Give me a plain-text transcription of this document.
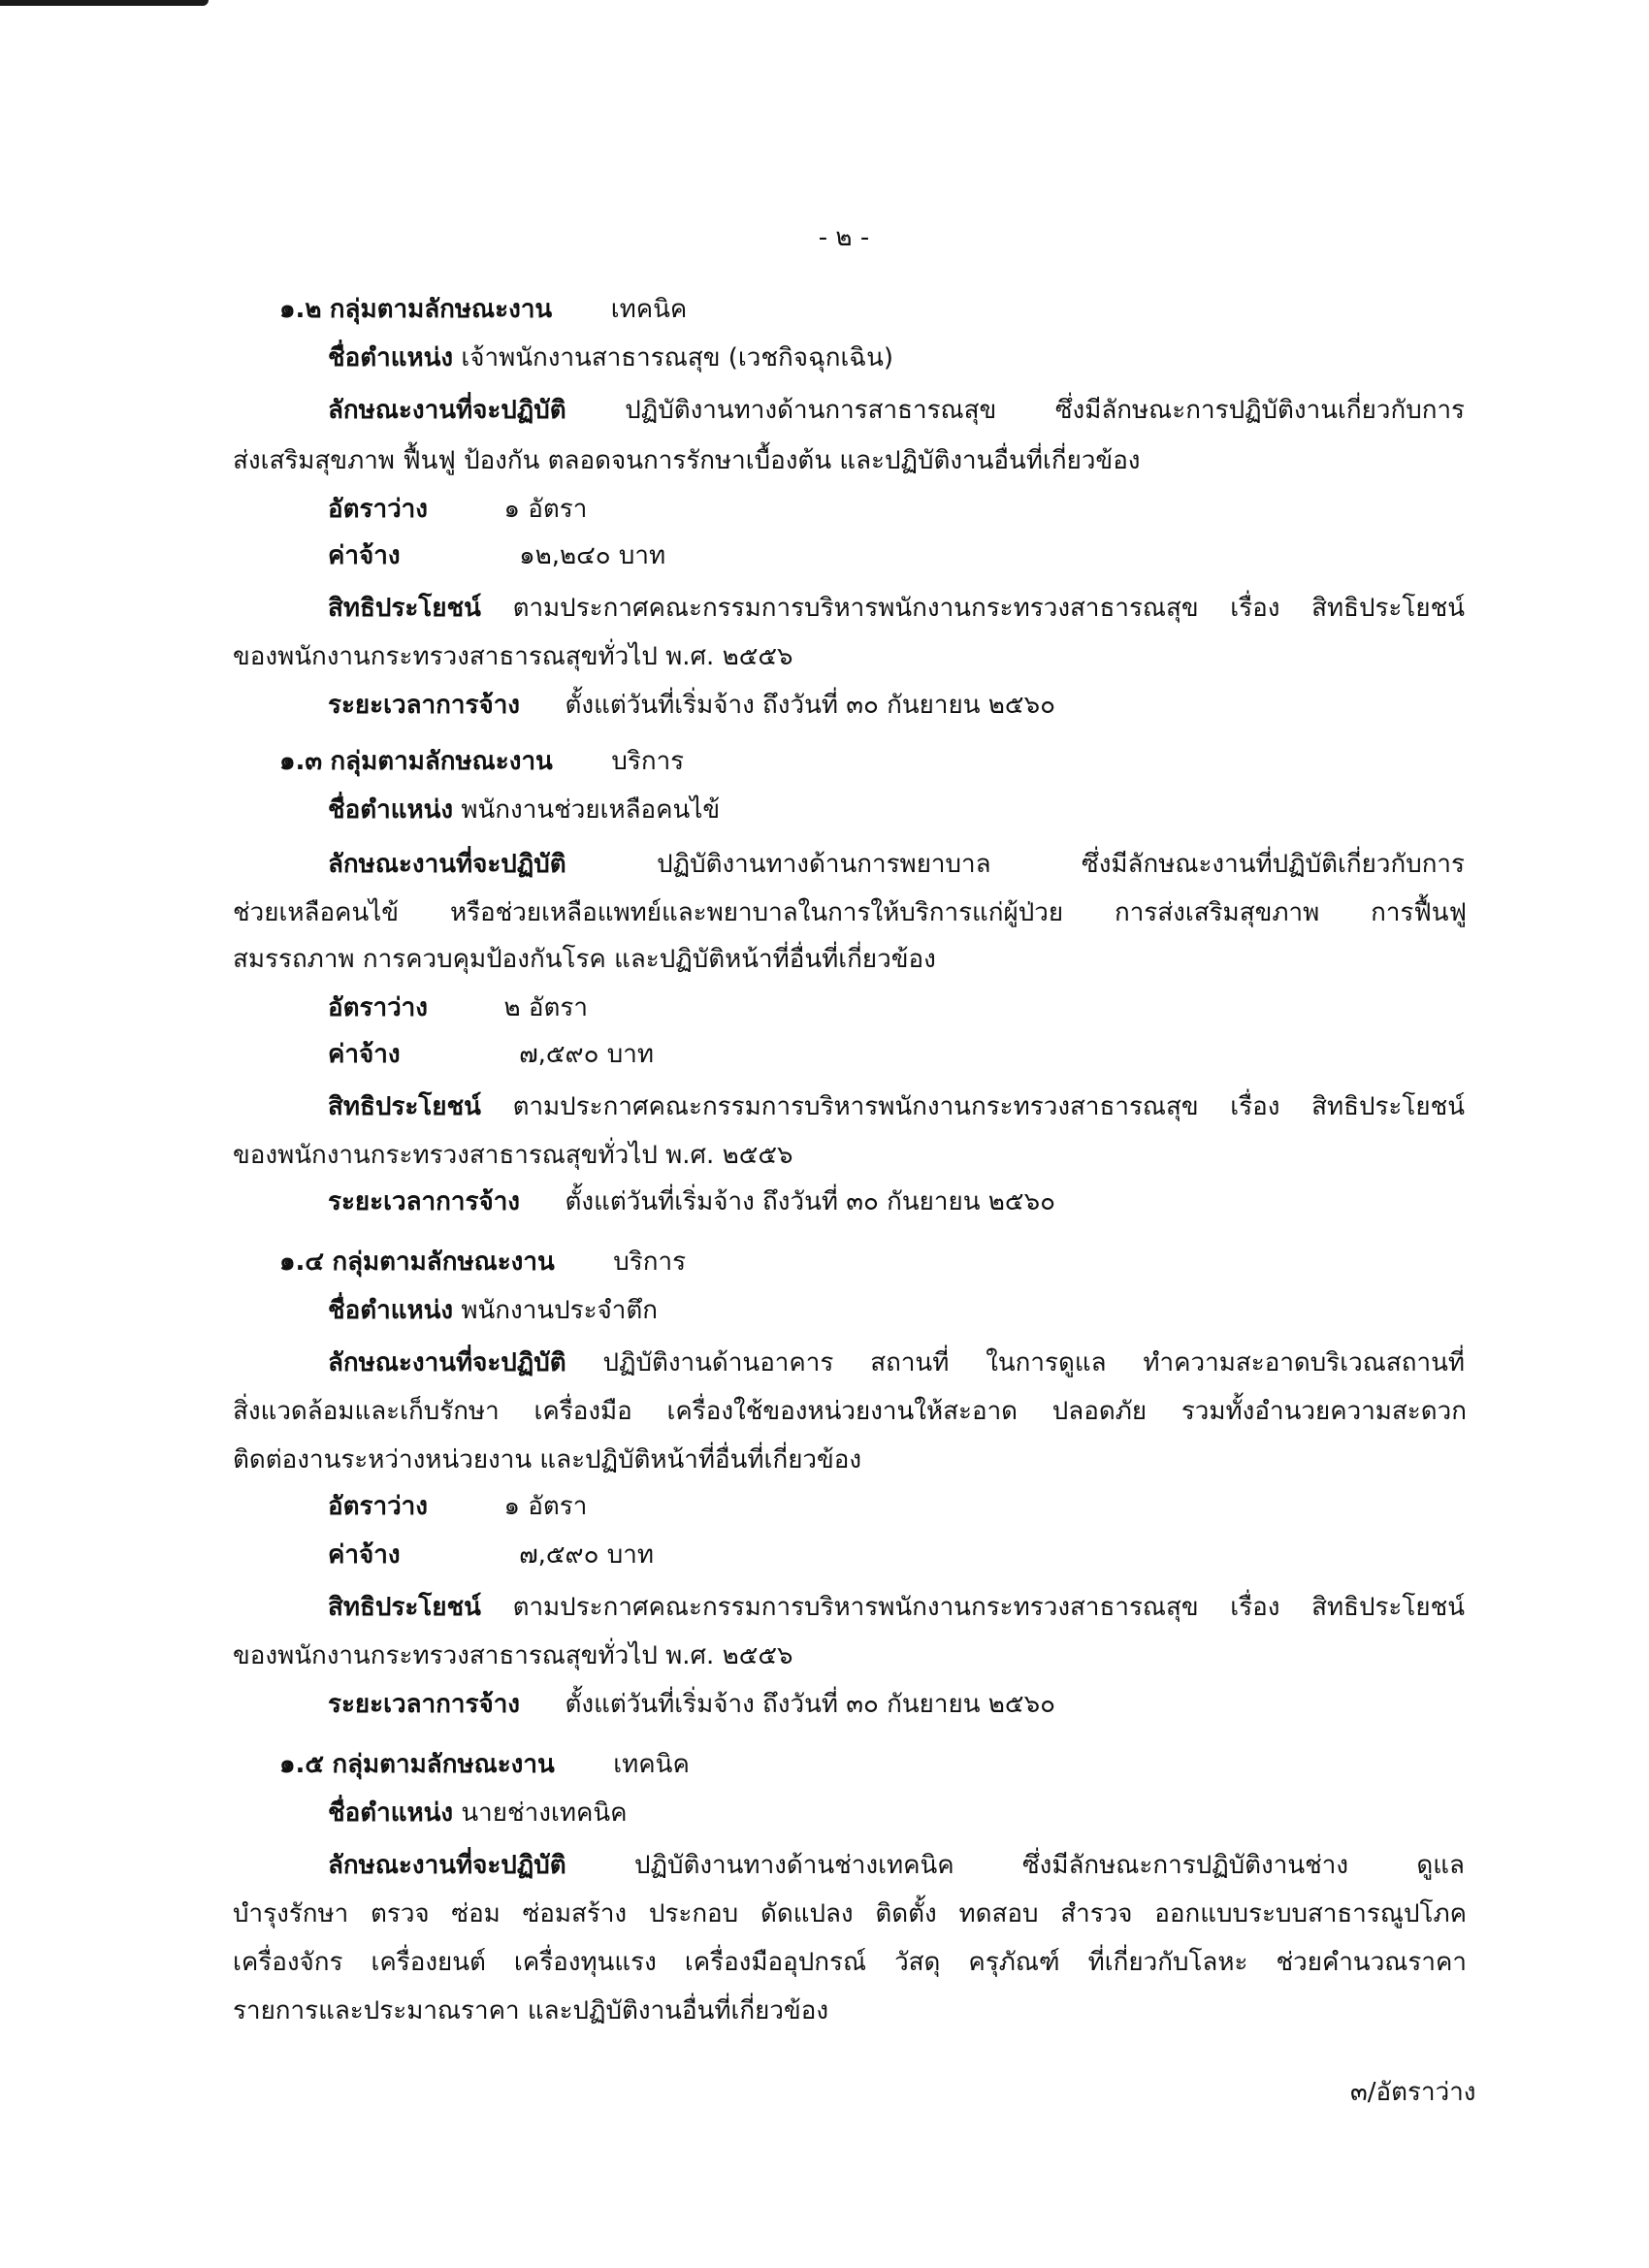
- ๒ -
๑.๒ กลุ่มตามลักษณะงาน เทคนิค
ชื่อตำแหน่ง เจ้าพนักงานสาธารณสุข (เวชกิจฉุกเฉิน)
ลักษณะงานที่จะปฏิบัติ ปฏิบัติงานทางด้านการสาธารณสุข ซึ่งมีลักษณะการปฏิบัติงานเกี่ยวกับการ
ส่งเสริมสุขภาพ ฟื้นฟู ป้องกัน ตลอดจนการรักษาเบื้องต้น และปฏิบัติงานอื่นที่เกี่ยวข้อง
อัตราว่าง	๑ อัตรา
ค่าจ้าง	๑๒,๒๔๐ บาท
สิทธิประโยชน์ ตามประกาศคณะกรรมการบริหารพนักงานกระทรวงสาธารณสุข เรื่อง สิทธิประโยชน์
ของพนักงานกระทรวงสาธารณสุขทั่วไป พ.ศ. ๒๕๕๖
ระยะเวลาการจ้าง ตั้งแต่วันที่เริ่มจ้าง ถึงวันที่ ๓๐ กันยายน ๒๕๖๐
๑.๓ กลุ่มตามลักษณะงาน บริการ
ชื่อตำแหน่ง พนักงานช่วยเหลือคนไข้
ลักษณะงานที่จะปฏิบัติ	ปฏิบัติงานทางด้านการพยาบาล ซึ่งมีลักษณะงานที่ปฏิบัติเกี่ยวกับการ
ช่วยเหลือคนไข้ หรือช่วยเหลือแพทย์และพยาบาลในการให้บริการแก่ผู้ป่วย การส่งเสริมสุขภาพ การฟื้นฟู
สมรรถภาพ การควบคุมป้องกันโรค และปฏิบัติหน้าที่อื่นที่เกี่ยวข้อง
อัตราว่าง	๒ อัตรา
ค่าจ้าง	๗,๕๙๐ บาท
สิทธิประโยชน์ ตามประกาศคณะกรรมการบริหารพนักงานกระทรวงสาธารณสุข เรื่อง สิทธิประโยชน์
ของพนักงานกระทรวงสาธารณสุขทั่วไป พ.ศ. ๒๕๕๖
ระยะเวลาการจ้าง ตั้งแต่วันที่เริ่มจ้าง ถึงวันที่ ๓๐ กันยายน ๒๕๖๐
๑.๔ กลุ่มตามลักษณะงาน บริการ
ชื่อตำแหน่ง พนักงานประจำตึก
ลักษณะงานที่จะปฏิบัติ ปฏิบัติงานด้านอาคาร สถานที่ ในการดูแล ทำความสะอาดบริเวณสถานที่
สิ่งแวดล้อมและเก็บรักษา เครื่องมือ เครื่องใช้ของหน่วยงานให้สะอาด ปลอดภัย รวมทั้งอำนวยความสะดวก
ติดต่องานระหว่างหน่วยงาน และปฏิบัติหน้าที่อื่นที่เกี่ยวข้อง
อัตราว่าง	๑ อัตรา
ค่าจ้าง	๗,๕๙๐ บาท
สิทธิประโยชน์ ตามประกาศคณะกรรมการบริหารพนักงานกระทรวงสาธารณสุข เรื่อง สิทธิประโยชน์
ของพนักงานกระทรวงสาธารณสุขทั่วไป พ.ศ. ๒๕๕๖
ระยะเวลาการจ้าง ตั้งแต่วันที่เริ่มจ้าง ถึงวันที่ ๓๐ กันยายน ๒๕๖๐
๑.๕ กลุ่มตามลักษณะงาน เทคนิค
ชื่อตำแหน่ง นายช่างเทคนิค
ลักษณะงานที่จะปฏิบัติ	ปฏิบัติงานทางด้านช่างเทคนิค ซึ่งมีลักษณะการปฏิบัติงานช่าง ดูแล
บำรุงรักษา ตรวจ ซ่อม ซ่อมสร้าง ประกอบ ดัดแปลง ติดตั้ง ทดสอบ สำรวจ ออกแบบระบบสาธารณูปโภค
เครื่องจักร เครื่องยนต์ เครื่องทุนแรง เครื่องมืออุปกรณ์ วัสดุ ครุภัณฑ์ ที่เกี่ยวกับโลหะ ช่วยคำนวณราคา
รายการและประมาณราคา และปฏิบัติงานอื่นที่เกี่ยวข้อง
๓/อัตราว่าง
